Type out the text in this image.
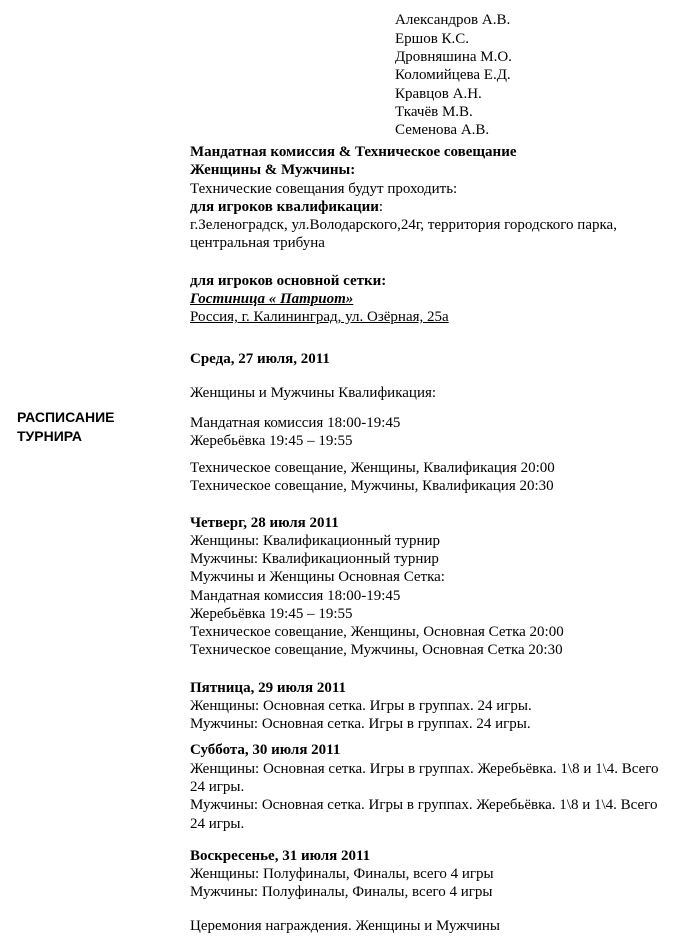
Александров А.В.
Ершов К.С.
Дровняшина М.О.
Коломийцева Е.Д.
Кравцов А.Н.
Ткачёв М.В.
Семенова А.В.
Мандатная комиссия & Техническое совещание
Женщины & Мужчины:
Технические совещания будут проходить:
для игроков квалификации:
г.Зеленоградск, ул.Володарского,24г, территория городского парка,
центральная трибуна
для игроков основной сетки:
Гостиница « Патриот»
Россия, г. Калининград, ул. Озёрная, 25а
РАСПИСАНИЕ
ТУРНИРА
Среда, 27 июля, 2011
Женщины и Мужчины Квалификация:
Мандатная комиссия 18:00-19:45
Жеребьёвка 19:45 – 19:55
Техническое совещание, Женщины, Квалификация 20:00
Техническое совещание, Мужчины, Квалификация 20:30
Четверг, 28 июля 2011
Женщины: Квалификационный турнир
Мужчины: Квалификационный турнир
Мужчины и Женщины Основная Сетка:
Мандатная комиссия 18:00-19:45
Жеребьёвка 19:45 – 19:55
Техническое совещание, Женщины, Основная Сетка 20:00
Техническое совещание, Мужчины, Основная Сетка 20:30
Пятница, 29 июля 2011
Женщины: Основная сетка. Игры в группах. 24 игры.
Мужчины: Основная сетка. Игры в группах. 24 игры.
Суббота, 30 июля 2011
Женщины: Основная сетка. Игры в группах. Жеребьёвка. 1\8 и 1\4. Всего
24 игры.
Мужчины: Основная сетка. Игры в группах. Жеребьёвка. 1\8 и 1\4. Всего
24 игры.
Воскресенье, 31 июля 2011
Женщины: Полуфиналы, Финалы, всего 4 игры
Мужчины: Полуфиналы, Финалы, всего 4 игры
Церемония награждения. Женщины и Мужчины
